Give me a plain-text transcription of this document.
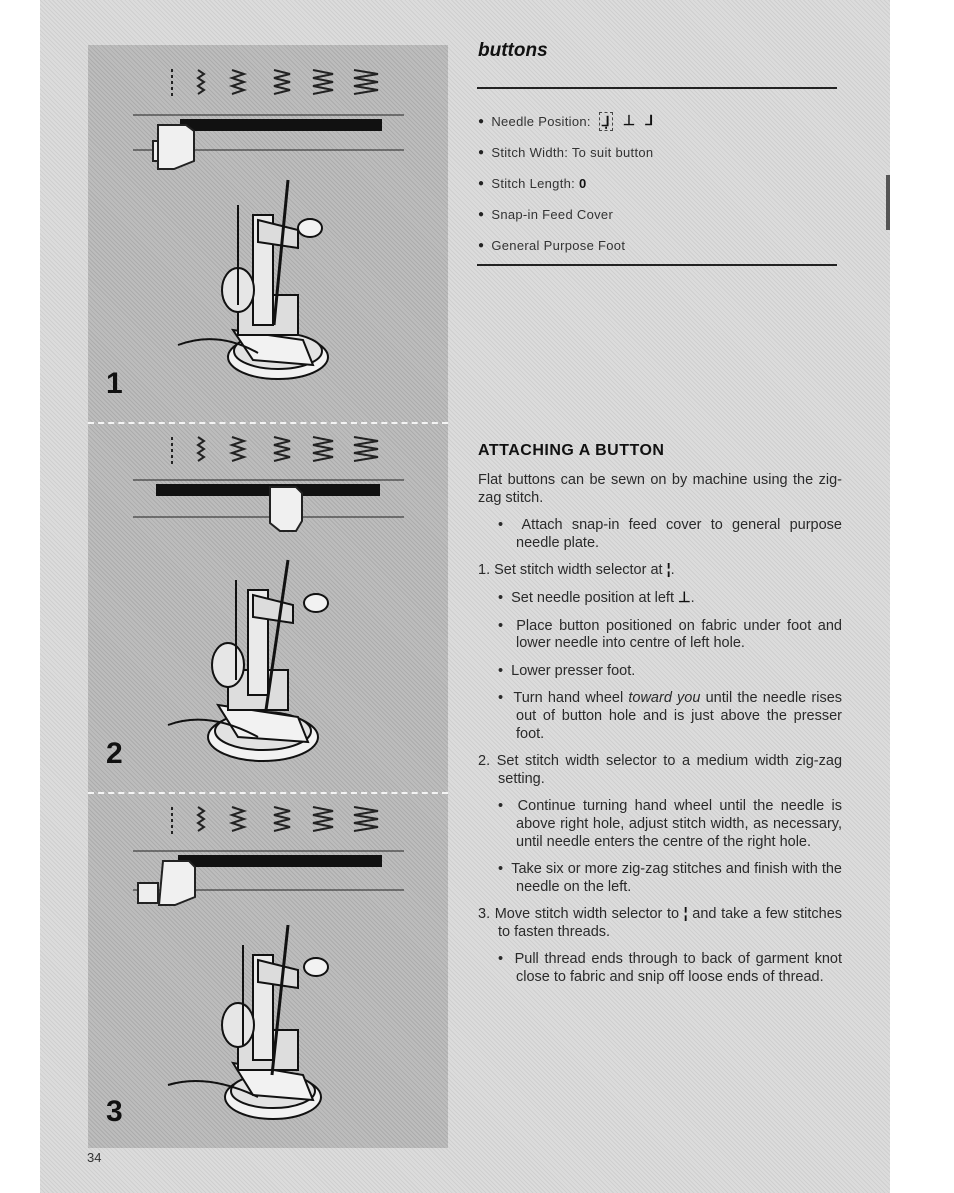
1
2
3
34
buttons
● Needle Position: ⅃̣ ⊥ ⅃
● Stitch Width: To suit button
● Stitch Length: 0
● Snap-in Feed Cover
● General Purpose Foot
ATTACHING A BUTTON

Flat buttons can be sewn on by machine using the zig-zag stitch.

•  Attach snap-in feed cover to general purpose needle plate.

1. Set stitch width selector at ¦.

•  Set needle position at left ⊥.

•  Place button positioned on fabric under foot and lower needle into centre of left hole.

•  Lower presser foot.

•  Turn hand wheel toward you until the needle rises out of button hole and is just above the presser foot.

2. Set stitch width selector to a medium width zig-zag setting.

•  Continue turning hand wheel until the needle is above right hole, adjust stitch width, as necessary, until needle enters the centre of the right hole.

•  Take six or more zig-zag stitches and finish with the needle on the left.

3. Move stitch width selector to ¦ and take a few stitches to fasten threads.

•  Pull thread ends through to back of garment knot close to fabric and snip off loose ends of thread.
